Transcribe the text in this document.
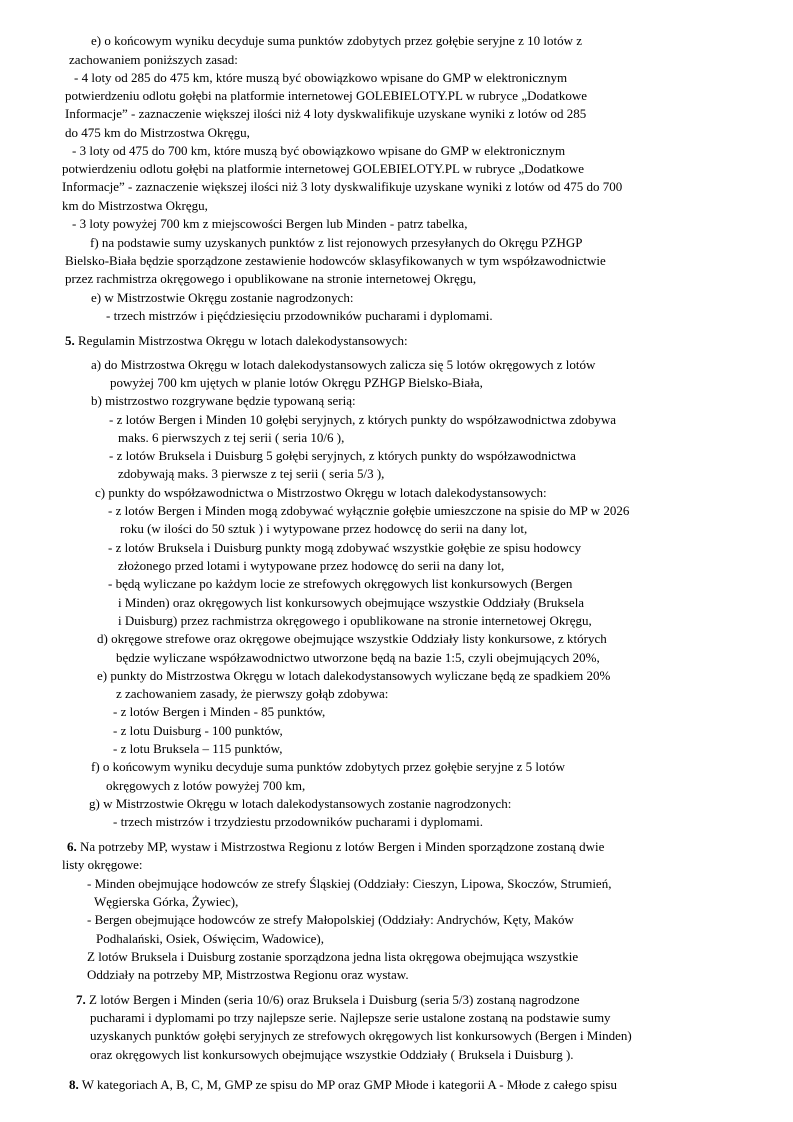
e) o końcowym wyniku decyduje suma punktów zdobytych przez gołębie seryjne z 10 lotów z
zachowaniem poniższych zasad:
- 4 loty od 285 do 475 km, które muszą być obowiązkowo wpisane do GMP w elektronicznym
potwierdzeniu odlotu gołębi na platformie internetowej GOLEBIELOTY.PL w rubryce „Dodatkowe
Informacje” - zaznaczenie większej ilości niż 4 loty dyskwalifikuje uzyskane wyniki z lotów od 285
do 475 km do Mistrzostwa Okręgu,
- 3 loty od 475 do 700 km, które muszą być obowiązkowo wpisane do GMP w elektronicznym
potwierdzeniu odlotu gołębi na platformie internetowej GOLEBIELOTY.PL w rubryce „Dodatkowe
Informacje” - zaznaczenie większej ilości niż 3 loty dyskwalifikuje uzyskane wyniki z lotów od 475 do 700
km do Mistrzostwa Okręgu,
- 3 loty powyżej 700 km z miejscowości Bergen lub Minden - patrz tabelka,
f) na podstawie sumy uzyskanych punktów z list rejonowych przesyłanych do Okręgu PZHGP
Bielsko-Biała będzie sporządzone zestawienie hodowców sklasyfikowanych w tym współzawodnictwie
przez rachmistrza okręgowego i opublikowane na stronie internetowej Okręgu,
e) w Mistrzostwie Okręgu zostanie nagrodzonych:
- trzech mistrzów i pięćdziesięciu przodowników pucharami i dyplomami.
5. Regulamin Mistrzostwa Okręgu w lotach dalekodystansowych:
a) do Mistrzostwa Okręgu w lotach dalekodystansowych zalicza się 5 lotów okręgowych z lotów
powyżej 700 km ujętych w planie lotów Okręgu PZHGP Bielsko-Biała,
b) mistrzostwo rozgrywane będzie typowaną serią:
- z lotów Bergen i Minden 10 gołębi seryjnych, z których punkty do współzawodnictwa zdobywa
maks. 6 pierwszych z tej serii ( seria 10/6 ),
- z lotów Bruksela i Duisburg 5 gołębi seryjnych, z których punkty do współzawodnictwa
zdobywają maks. 3 pierwsze z tej serii ( seria 5/3 ),
c) punkty do współzawodnictwa o Mistrzostwo Okręgu w lotach dalekodystansowych:
- z lotów Bergen i Minden mogą zdobywać wyłącznie gołębie umieszczone na spisie do MP w 2026
roku (w ilości do 50 sztuk ) i wytypowane przez hodowcę do serii na dany lot,
- z lotów Bruksela i Duisburg punkty mogą zdobywać wszystkie gołębie ze spisu hodowcy
złożonego przed lotami i wytypowane przez hodowcę do serii na dany lot,
- będą wyliczane po każdym locie ze strefowych okręgowych list konkursowych (Bergen
i Minden) oraz okręgowych list konkursowych obejmujące wszystkie Oddziały (Bruksela
i Duisburg) przez rachmistrza okręgowego i opublikowane na stronie internetowej Okręgu,
d) okręgowe strefowe oraz okręgowe obejmujące wszystkie Oddziały listy konkursowe, z których
będzie wyliczane współzawodnictwo utworzone będą na bazie 1:5, czyli obejmujących 20%,
e) punkty do Mistrzostwa Okręgu w lotach dalekodystansowych wyliczane będą ze spadkiem 20%
z zachowaniem zasady, że pierwszy gołąb zdobywa:
- z lotów Bergen i Minden - 85 punktów,
- z lotu Duisburg - 100 punktów,
- z lotu Bruksela – 115 punktów,
f) o końcowym wyniku decyduje suma punktów zdobytych przez gołębie seryjne z 5 lotów
okręgowych z lotów powyżej 700 km,
g) w Mistrzostwie Okręgu w lotach dalekodystansowych zostanie nagrodzonych:
- trzech mistrzów i trzydziestu przodowników pucharami i dyplomami.
6. Na potrzeby MP, wystaw i Mistrzostwa Regionu z lotów Bergen i Minden sporządzone zostaną dwie
listy okręgowe:
- Minden obejmujące hodowców ze strefy Śląskiej (Oddziały: Cieszyn, Lipowa, Skoczów, Strumień,
Węgierska Górka, Żywiec),
- Bergen obejmujące hodowców ze strefy Małopolskiej (Oddziały: Andrychów, Kęty, Maków
Podhalański, Osiek, Oświęcim, Wadowice),
Z lotów Bruksela i Duisburg zostanie sporządzona jedna lista okręgowa obejmująca wszystkie
Oddziały na potrzeby MP, Mistrzostwa Regionu oraz wystaw.
7. Z lotów Bergen i Minden (seria 10/6) oraz Bruksela i Duisburg (seria 5/3) zostaną nagrodzone
pucharami i dyplomami po trzy najlepsze serie. Najlepsze serie ustalone zostaną na podstawie sumy
uzyskanych punktów gołębi seryjnych ze strefowych okręgowych list konkursowych (Bergen i Minden)
oraz okręgowych list konkursowych obejmujące wszystkie Oddziały ( Bruksela i Duisburg ).
8. W kategoriach A, B, C, M, GMP ze spisu do MP oraz GMP Młode i kategorii A - Młode z całego spisu
